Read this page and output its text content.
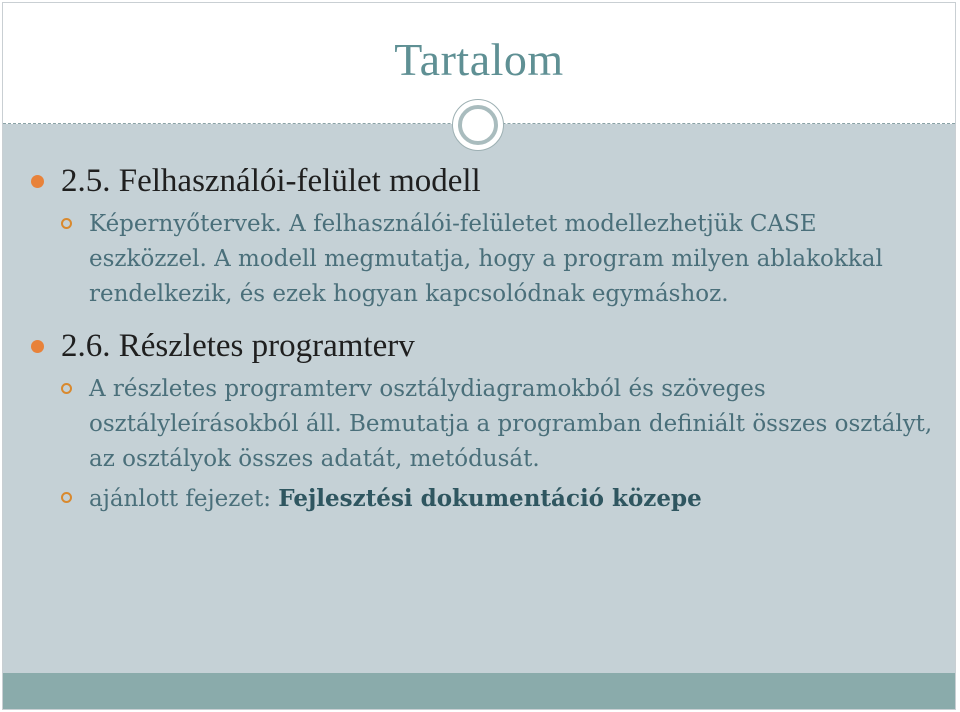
Tartalom
2.5. Felhasználói-felület modell
Képernyőtervek. A felhasználói-felületet modellezhetjük CASE eszközzel. A modell megmutatja, hogy a program milyen ablakokkal rendelkezik, és ezek hogyan kapcsolódnak egymáshoz.
2.6. Részletes programterv
A részletes programterv osztálydiagramokból és szöveges osztályleírásokból áll. Bemutatja a programban definiált összes osztályt, az osztályok összes adatát, metódusát.
ajánlott fejezet: Fejlesztési dokumentáció közepe
